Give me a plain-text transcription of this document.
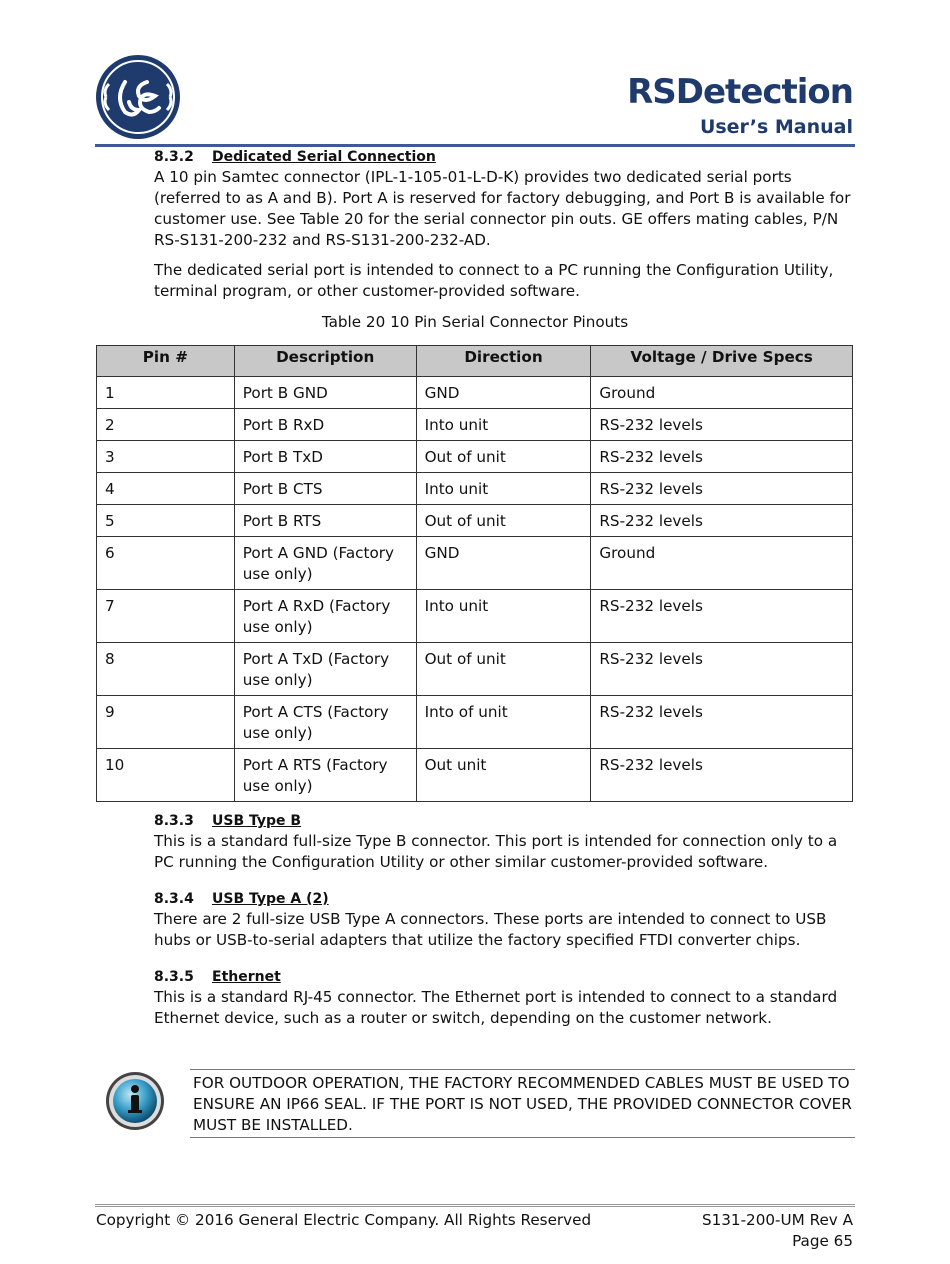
RSDetection
User’s Manual
8.3.2	Dedicated Serial Connection

A 10 pin Samtec connector (IPL-1-105-01-L-D-K) provides two dedicated serial ports (referred to as A and B). Port A is reserved for factory debugging, and Port B is available for customer use. See Table 20 for the serial connector pin outs. GE offers mating cables, P/N RS-S131-200-232 and RS-S131-200-232-AD.

The dedicated serial port is intended to connect to a PC running the Configuration Utility, terminal program, or other customer-provided software.

Table 20 10 Pin Serial Connector Pinouts
Pin #	Description	Direction	Voltage / Drive Specs
1	Port B GND	GND	Ground
2	Port B RxD	Into unit	RS-232 levels
3	Port B TxD	Out of unit	RS-232 levels
4	Port B CTS	Into unit	RS-232 levels
5	Port B RTS	Out of unit	RS-232 levels
6	Port A GND (Factory use only)	GND	Ground
7	Port A RxD (Factory use only)	Into unit	RS-232 levels
8	Port A TxD (Factory use only)	Out of unit	RS-232 levels
9	Port A CTS (Factory use only)	Into of unit	RS-232 levels
10	Port A RTS (Factory use only)	Out unit	RS-232 levels
8.3.3	USB Type B

This is a standard full-size Type B connector. This port is intended for connection only to a PC running the Configuration Utility or other similar customer-provided software.

8.3.4	USB Type A (2)

There are 2 full-size USB Type A connectors. These ports are intended to connect to USB hubs or USB-to-serial adapters that utilize the factory specified FTDI converter chips.

8.3.5	Ethernet

This is a standard RJ-45 connector. The Ethernet port is intended to connect to a standard Ethernet device, such as a router or switch, depending on the customer network.

FOR OUTDOOR OPERATION, THE FACTORY RECOMMENDED CABLES MUST BE USED TO ENSURE AN IP66 SEAL. IF THE PORT IS NOT USED, THE PROVIDED CONNECTOR COVER MUST BE INSTALLED.
Copyright © 2016 General Electric Company. All Rights Reserved	S131-200-UM Rev A
Page 65
